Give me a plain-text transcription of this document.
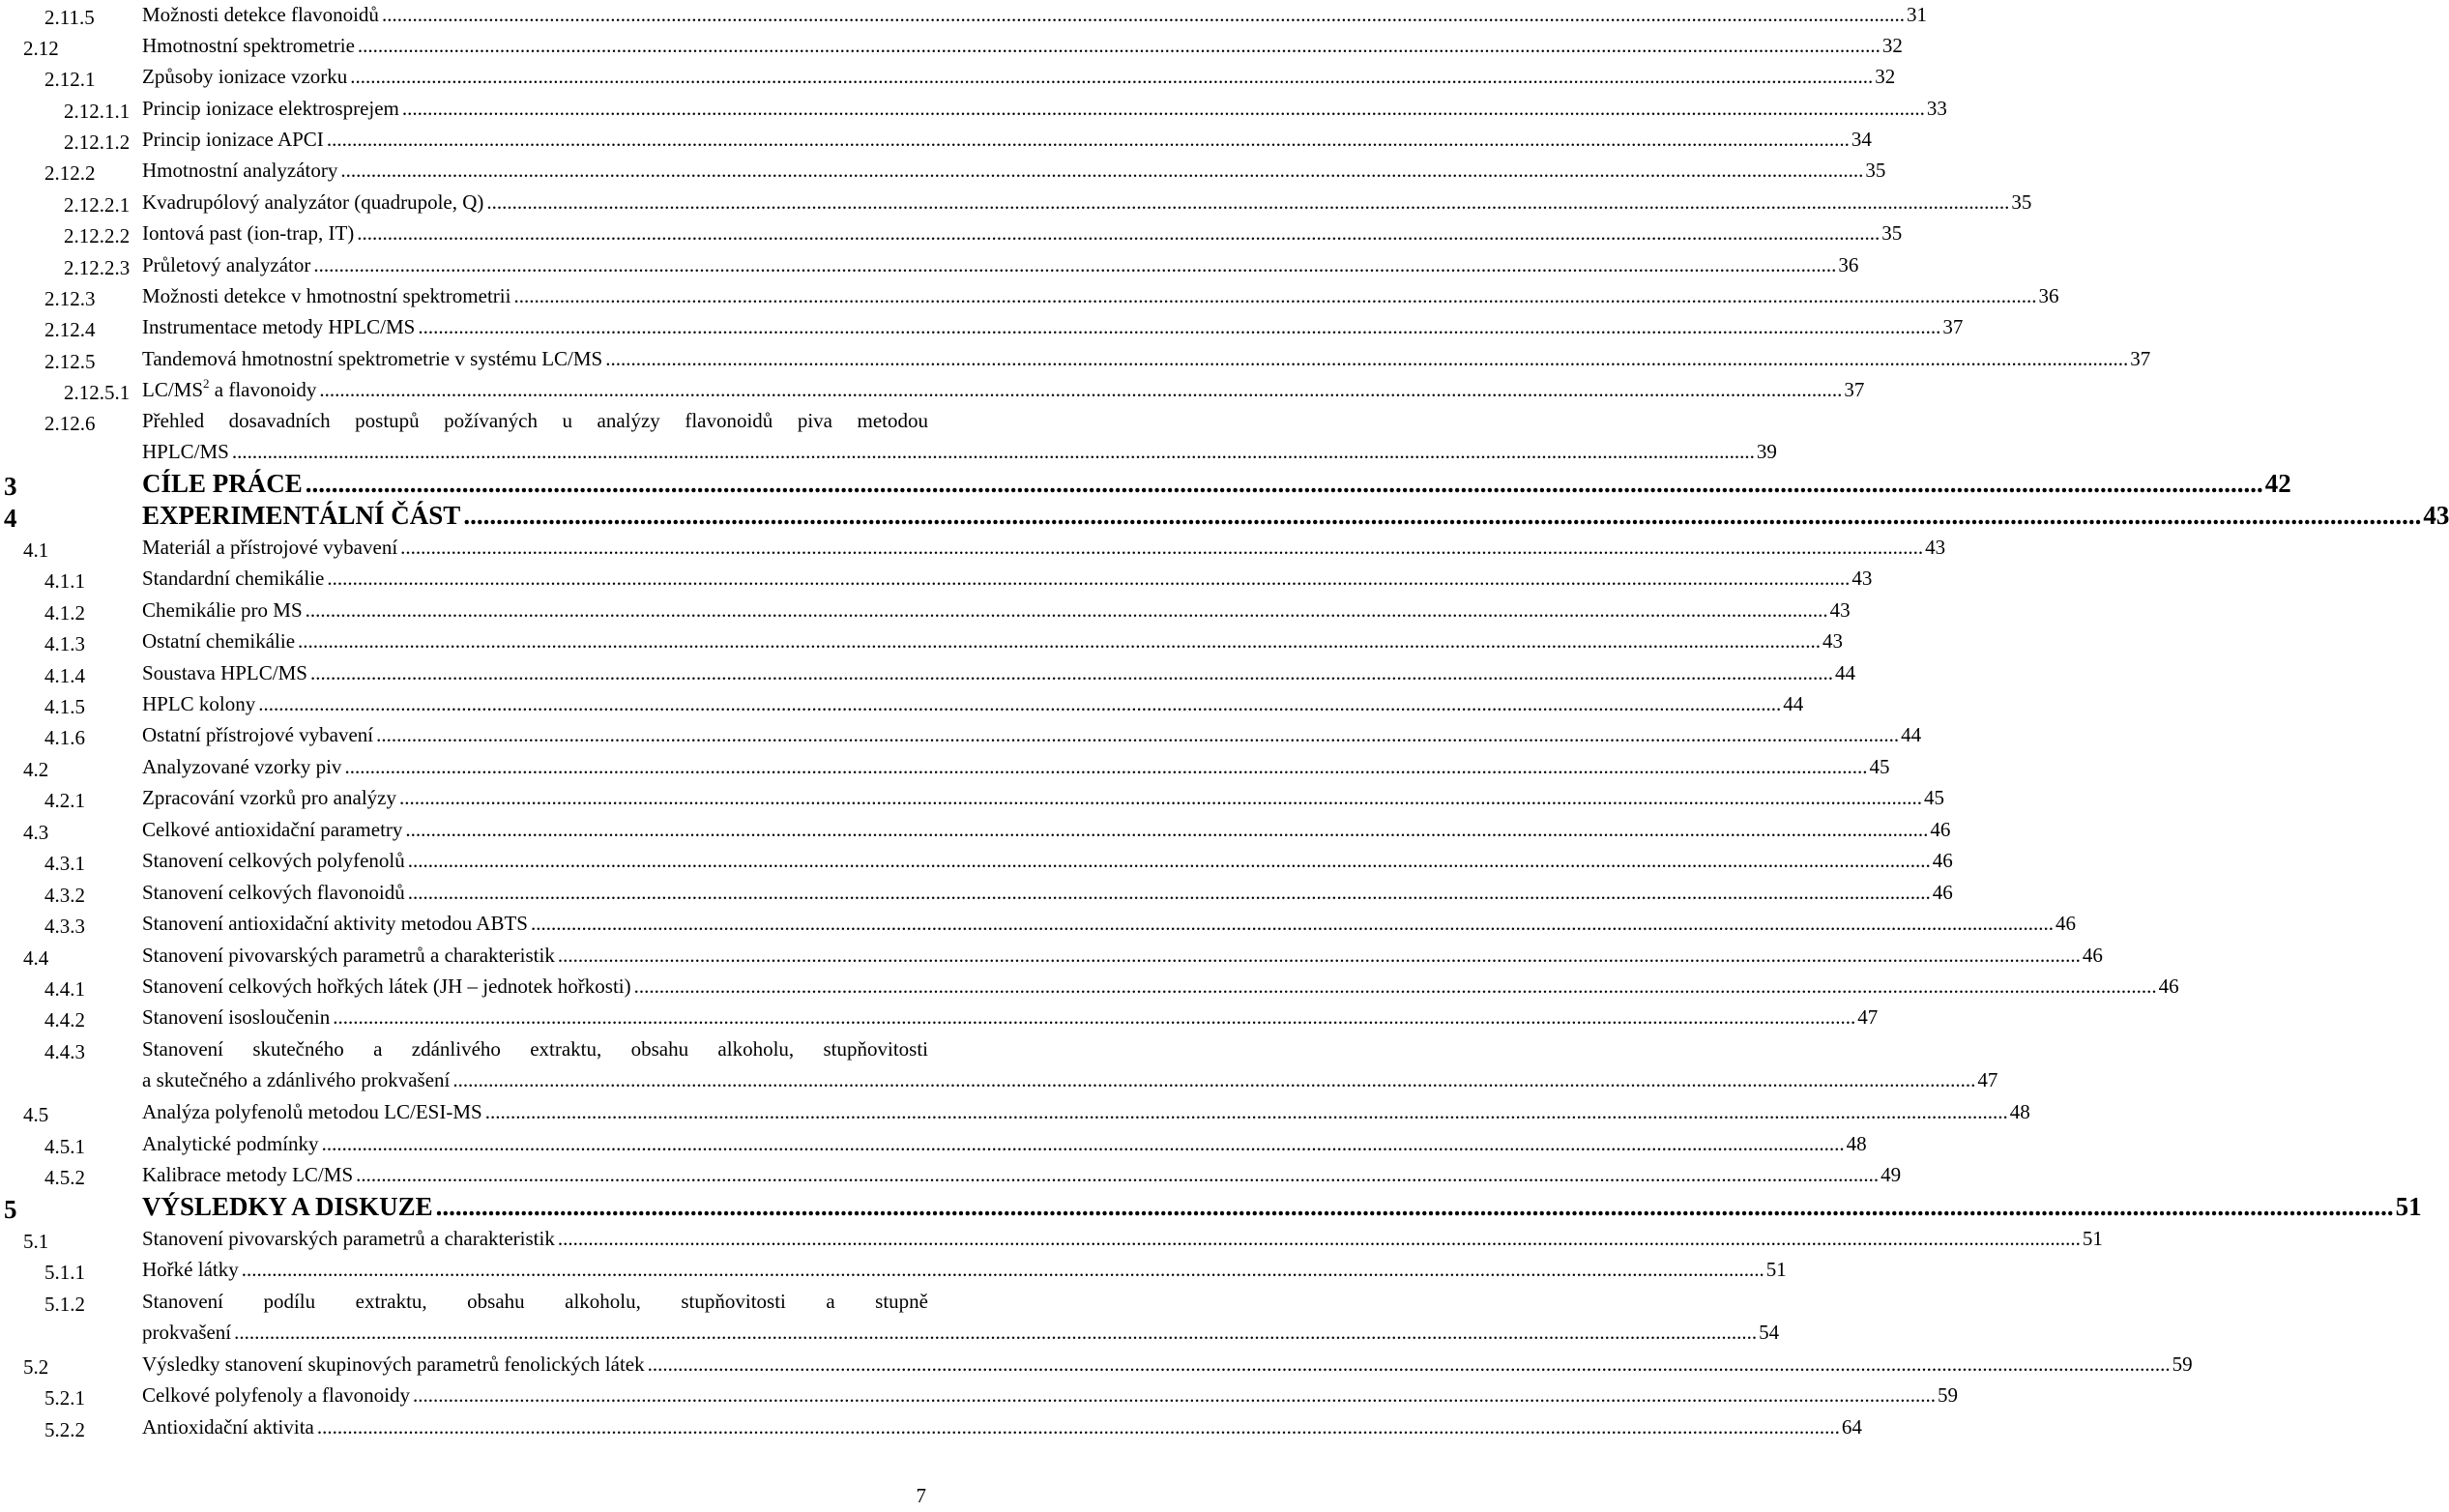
2.11.5 Možnosti detekce flavonoidů ............................................................................................................................................................................................................................................................................................................ 31
2.12	Hmotnostní spektrometrie ............................................................................................................................................................................................................................................................................................................ 32
2.12.1 Způsoby ionizace vzorku ............................................................................................................................................................................................................................................................................................................ 32
2.12.1.1 Princip ionizace elektrosprejem ............................................................................................................................................................................................................................................................................................................ 33
2.12.1.2 Princip ionizace APCI ............................................................................................................................................................................................................................................................................................................ 34
2.12.2 Hmotnostní analyzátory ............................................................................................................................................................................................................................................................................................................ 35
2.12.2.1 Kvadrupólový analyzátor (quadrupole, Q) ............................................................................................................................................................................................................................................................................................................ 35
2.12.2.2 Iontová past (ion-trap, IT) ............................................................................................................................................................................................................................................................................................................ 35
2.12.2.3 Průletový analyzátor ............................................................................................................................................................................................................................................................................................................ 36
2.12.3 Možnosti detekce v hmotnostní spektrometrii ............................................................................................................................................................................................................................................................................................................ 36
2.12.4 Instrumentace metody HPLC/MS ............................................................................................................................................................................................................................................................................................................ 37
2.12.5 Tandemová hmotnostní spektrometrie v systému LC/MS ............................................................................................................................................................................................................................................................................................................ 37
2.12.5.1 $LC/MS^2$ a flavonoidy ............................................................................................................................................................................................................................................................................................................ 37
2.12.6 Přehled dosavadních postupů požívaných u analýzy flavonoidů piva metodou
HPLC/MS ............................................................................................................................................................................................................................................................................................................ 39
3	CÍLE PRÁCE ............................................................................................................................................................................................................................................................................................................ 42
4	EXPERIMENTÁLNÍ ČÁST ............................................................................................................................................................................................................................................................................................................ 43
4.1	Materiál a přístrojové vybavení ............................................................................................................................................................................................................................................................................................................ 43
4.1.1	Standardní chemikálie ............................................................................................................................................................................................................................................................................................................ 43
4.1.2	Chemikálie pro MS ............................................................................................................................................................................................................................................................................................................ 43
4.1.3	Ostatní chemikálie ............................................................................................................................................................................................................................................................................................................ 43
4.1.4	Soustava HPLC/MS ............................................................................................................................................................................................................................................................................................................ 44
4.1.5	HPLC kolony ............................................................................................................................................................................................................................................................................................................ 44
4.1.6	Ostatní přístrojové vybavení ............................................................................................................................................................................................................................................................................................................ 44
4.2	Analyzované vzorky piv ............................................................................................................................................................................................................................................................................................................ 45
4.2.1	Zpracování vzorků pro analýzy ............................................................................................................................................................................................................................................................................................................ 45
4.3	Celkové antioxidační parametry ............................................................................................................................................................................................................................................................................................................ 46
4.3.1	Stanovení celkových polyfenolů ............................................................................................................................................................................................................................................................................................................ 46
4.3.2	Stanovení celkových flavonoidů ............................................................................................................................................................................................................................................................................................................ 46
4.3.3	Stanovení antioxidační aktivity metodou ABTS ............................................................................................................................................................................................................................................................................................................ 46
4.4	Stanovení pivovarských parametrů a charakteristik ............................................................................................................................................................................................................................................................................................................ 46
4.4.1	Stanovení celkových hořkých látek (JH – jednotek hořkosti) ............................................................................................................................................................................................................................................................................................................ 46
4.4.2	Stanovení isosloučenin ............................................................................................................................................................................................................................................................................................................ 47
4.4.3	Stanovení skutečného a zdánlivého extraktu, obsahu alkoholu, stupňovitosti
a skutečného a zdánlivého prokvašení ............................................................................................................................................................................................................................................................................................................ 47
4.5	Analýza polyfenolů metodou LC/ESI-MS ............................................................................................................................................................................................................................................................................................................ 48
4.5.1	Analytické podmínky ............................................................................................................................................................................................................................................................................................................ 48
4.5.2	Kalibrace metody LC/MS ............................................................................................................................................................................................................................................................................................................ 49
5	VÝSLEDKY A DISKUZE ............................................................................................................................................................................................................................................................................................................ 51
5.1	Stanovení pivovarských parametrů a charakteristik ............................................................................................................................................................................................................................................................................................................ 51
5.1.1	Hořké látky ............................................................................................................................................................................................................................................................................................................ 51
5.1.2	Stanovení podílu extraktu, obsahu alkoholu, stupňovitosti a stupně
prokvašení ............................................................................................................................................................................................................................................................................................................ 54
5.2	Výsledky stanovení skupinových parametrů fenolických látek ............................................................................................................................................................................................................................................................................................................ 59
5.2.1	Celkové polyfenoly a flavonoidy ............................................................................................................................................................................................................................................................................................................ 59
5.2.2	Antioxidační aktivita ............................................................................................................................................................................................................................................................................................................ 64
7
